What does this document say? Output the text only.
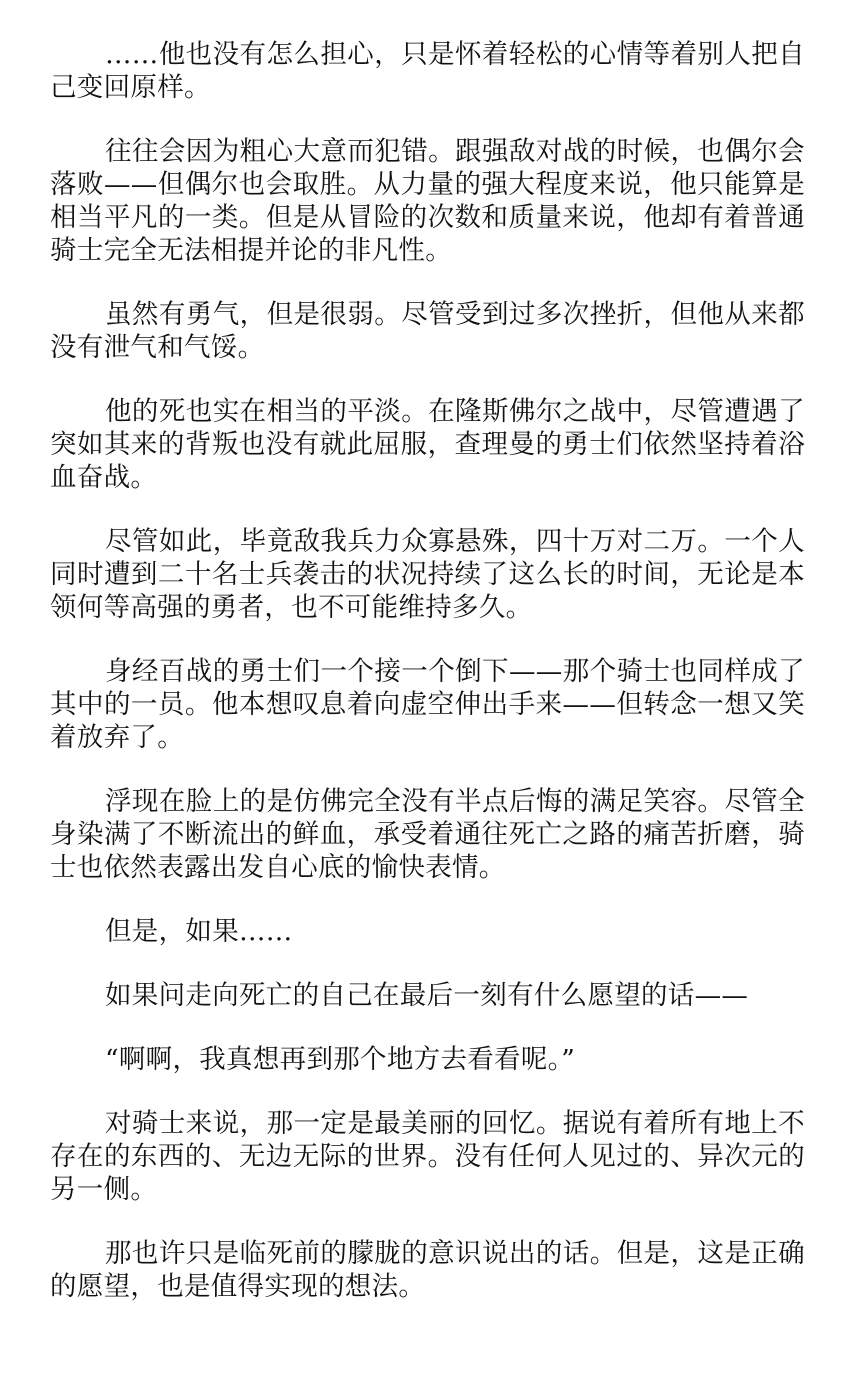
……他也没有怎么担心，只是怀着轻松的心情等着别人把自己变回原样。

往往会因为粗心大意而犯错。跟强敌对战的时候，也偶尔会落败——但偶尔也会取胜。从力量的强大程度来说，他只能算是相当平凡的一类。但是从冒险的次数和质量来说，他却有着普通骑士完全无法相提并论的非凡性。

虽然有勇气，但是很弱。尽管受到过多次挫折，但他从来都没有泄气和气馁。

他的死也实在相当的平淡。在隆斯佛尔之战中，尽管遭遇了突如其来的背叛也没有就此屈服，查理曼的勇士们依然坚持着浴血奋战。

尽管如此，毕竟敌我兵力众寡悬殊，四十万对二万。一个人同时遭到二十名士兵袭击的状况持续了这么长的时间，无论是本领何等高强的勇者，也不可能维持多久。

身经百战的勇士们一个接一个倒下——那个骑士也同样成了其中的一员。他本想叹息着向虚空伸出手来——但转念一想又笑着放弃了。

浮现在脸上的是仿佛完全没有半点后悔的满足笑容。尽管全身染满了不断流出的鲜血，承受着通往死亡之路的痛苦折磨，骑士也依然表露出发自心底的愉快表情。

但是，如果……

如果问走向死亡的自己在最后一刻有什么愿望的话——

“啊啊，我真想再到那个地方去看看呢。”

对骑士来说，那一定是最美丽的回忆。据说有着所有地上不存在的东西的、无边无际的世界。没有任何人见过的、异次元的另一侧。

那也许只是临死前的朦胧的意识说出的话。但是，这是正确的愿望，也是值得实现的想法。
